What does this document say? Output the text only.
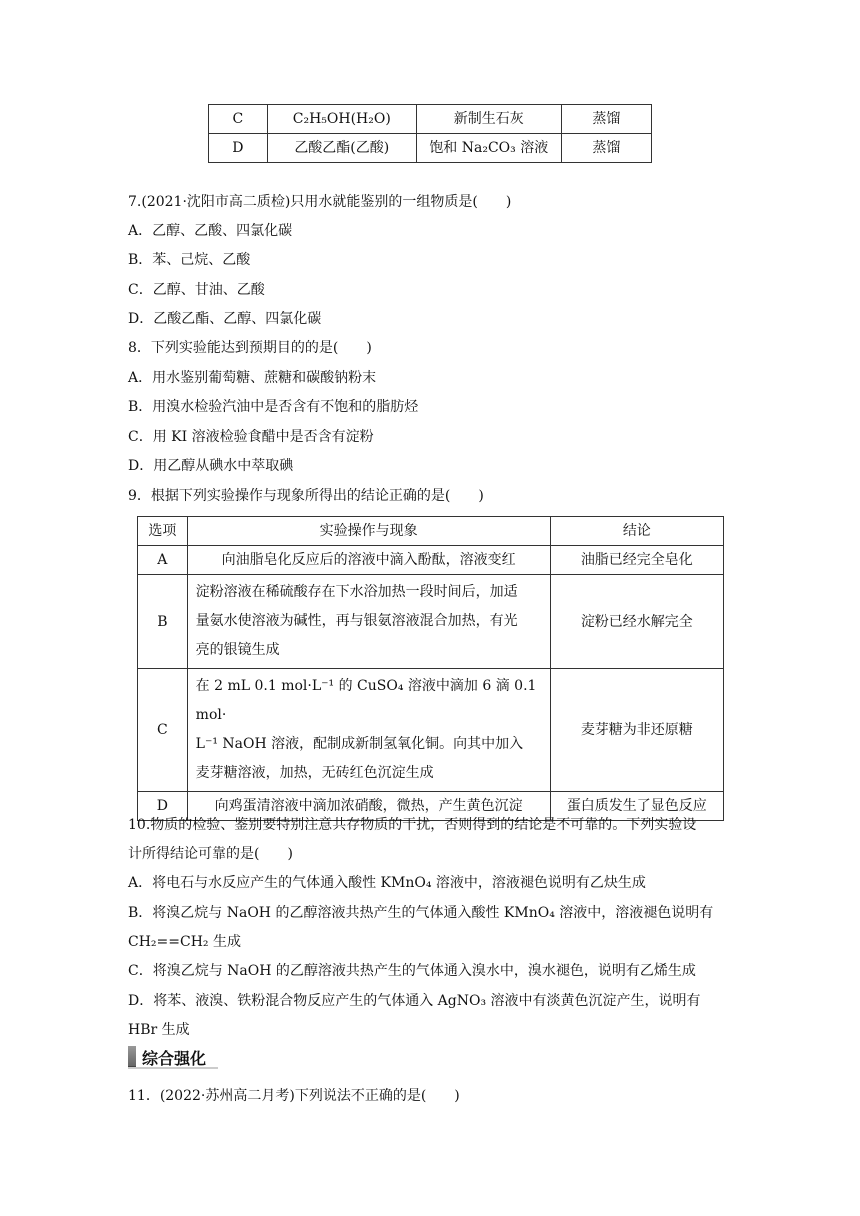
C	C₂H₅OH(H₂O)	新制生石灰	蒸馏
D	乙酸乙酯(乙酸)	饱和 Na₂CO₃ 溶液	蒸馏
7.(2021·沈阳市高二质检)只用水就能鉴别的一组物质是(　　)
A．乙醇、乙酸、四氯化碳
B．苯、己烷、乙酸
C．乙醇、甘油、乙酸
D．乙酸乙酯、乙醇、四氯化碳
8．下列实验能达到预期目的的是(　　)
A．用水鉴别葡萄糖、蔗糖和碳酸钠粉末
B．用溴水检验汽油中是否含有不饱和的脂肪烃
C．用 KI 溶液检验食醋中是否含有淀粉
D．用乙醇从碘水中萃取碘
9．根据下列实验操作与现象所得出的结论正确的是(　　)
选项	实验操作与现象	结论
A	向油脂皂化反应后的溶液中滴入酚酞，溶液变红	油脂已经完全皂化
B	淀粉溶液在稀硫酸存在下水浴加热一段时间后，加适
量氨水使溶液为碱性，再与银氨溶液混合加热，有光
亮的银镜生成	淀粉已经水解完全
C	在 2 mL 0.1 mol·L⁻¹ 的 CuSO₄ 溶液中滴加 6 滴 0.1 mol·
L⁻¹ NaOH 溶液，配制成新制氢氧化铜。向其中加入
麦芽糖溶液，加热，无砖红色沉淀生成	麦芽糖为非还原糖
D	向鸡蛋清溶液中滴加浓硝酸，微热，产生黄色沉淀	蛋白质发生了显色反应
10.物质的检验、鉴别要特别注意共存物质的干扰，否则得到的结论是不可靠的。下列实验设
计所得结论可靠的是(　　)
A．将电石与水反应产生的气体通入酸性 KMnO₄ 溶液中，溶液褪色说明有乙炔生成
B．将溴乙烷与 NaOH 的乙醇溶液共热产生的气体通入酸性 KMnO₄ 溶液中，溶液褪色说明有
CH₂==CH₂ 生成
C．将溴乙烷与 NaOH 的乙醇溶液共热产生的气体通入溴水中，溴水褪色，说明有乙烯生成
D．将苯、液溴、铁粉混合物反应产生的气体通入 AgNO₃ 溶液中有淡黄色沉淀产生，说明有
HBr 生成
综合强化
11．(2022·苏州高二月考)下列说法不正确的是(　　)
